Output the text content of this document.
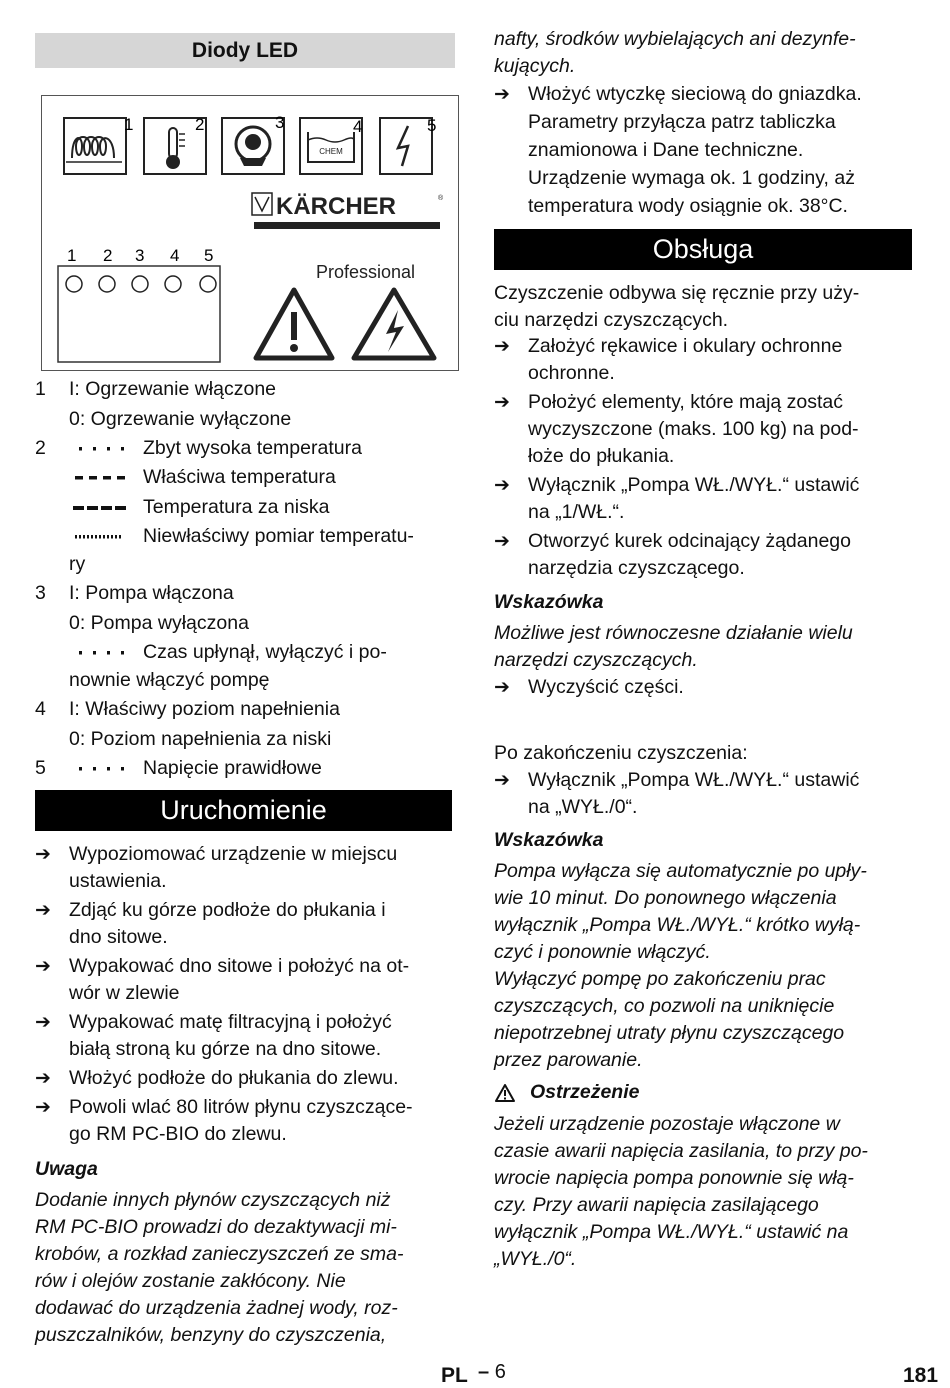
Diody LED
CHEM
1	2	3	4	5
KÄRCHER	®
1 2 3 4 5
Professional
1 I: Ogrzewanie włączone
0: Ogrzewanie wyłączone
2	Zbyt wysoka temperatura
Właściwa temperatura
Temperatura za niska
Niewłaściwy pomiar temperatu-
ry
3 I: Pompa włączona
0: Pompa wyłączona
Czas upłynął, wyłączyć i po-
nownie włączyć pompę
4 I: Właściwy poziom napełnienia
0: Poziom napełnienia za niski
5	Napięcie prawidłowe
Uruchomienie
➔ Wypoziomować urządzenie w miejscu
ustawienia.
➔ Zdjąć ku górze podłoże do płukania i
dno sitowe.
➔ Wypakować dno sitowe i położyć na ot-
wór w zlewie
➔ Wypakować matę filtracyjną i położyć
białą stroną ku górze na dno sitowe.
➔ Włożyć podłoże do płukania do zlewu.
➔ Powoli wlać 80 litrów płynu czyszczące-
go RM PC-BIO do zlewu.
Uwaga
Dodanie innych płynów czyszczących niż
RM PC-BIO prowadzi do dezaktywacji mi-
krobów, a rozkład zanieczyszczeń ze sma-
rów i olejów zostanie zakłócony. Nie
dodawać do urządzenia żadnej wody, roz-
puszczalników, benzyny do czyszczenia,
nafty, środków wybielających ani dezynfe-
kujących.
➔ Włożyć wtyczkę sieciową do gniazdka.
Parametry przyłącza patrz tabliczka
znamionowa i Dane techniczne.
Urządzenie wymaga ok. 1 godziny, aż
temperatura wody osiągnie ok. 38°C.
Obsługa
Czyszczenie odbywa się ręcznie przy uży-
ciu narzędzi czyszczących.
➔ Założyć rękawice i okulary ochronne
ochronne.
➔ Położyć elementy, które mają zostać
wyczyszczone (maks. 100 kg) na pod-
łoże do płukania.
➔ Wyłącznik „Pompa WŁ./WYŁ.“ ustawić
na „1/WŁ.“.
➔ Otworzyć kurek odcinający żądanego
narzędzia czyszczącego.
Wskazówka
Możliwe jest równoczesne działanie wielu
narzędzi czyszczących.
➔ Wyczyścić części.
Po zakończeniu czyszczenia:
➔ Wyłącznik „Pompa WŁ./WYŁ.“ ustawić
na „WYŁ./0“.
Wskazówka
Pompa wyłącza się automatycznie po upły-
wie 10 minut. Do ponownego włączenia
wyłącznik „Pompa WŁ./WYŁ.“ krótko wyłą-
czyć i ponownie włączyć.
Wyłączyć pompę po zakończeniu prac
czyszczących, co pozwoli na uniknięcie
niepotrzebnej utraty płynu czyszczącego
przez parowanie.
Ostrzeżenie
Jeżeli urządzenie pozostaje włączone w
czasie awarii napięcia zasilania, to przy po-
wrocie napięcia pompa ponownie się włą-
czy. Przy awarii napięcia zasilającego
wyłącznik „Pompa WŁ./WYŁ.“ ustawić na
„WYŁ./0“.
PL – 6	181
